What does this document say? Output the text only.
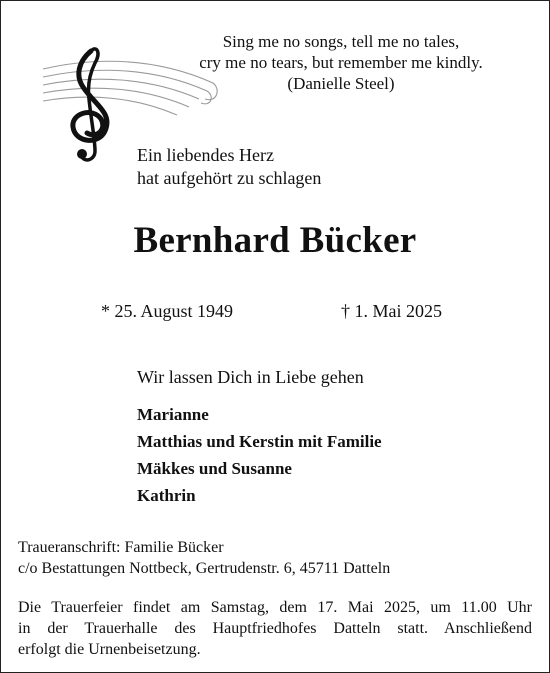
Sing me no songs, tell me no tales,
cry me no tears, but remember me kindly.
(Danielle Steel)
Ein liebendes Herz
hat aufgehört zu schlagen
Bernhard Bücker
* 25. August 1949	† 1. Mai 2025
Wir lassen Dich in Liebe gehen
Marianne
Matthias und Kerstin mit Familie
Mäkkes und Susanne
Kathrin
Traueranschrift: Familie Bücker
c/o Bestattungen Nottbeck, Gertrudenstr. 6, 45711 Datteln
Die Trauerfeier findet am Samstag, dem 17. Mai 2025, um 11.00 Uhr
in der Trauerhalle des Hauptfriedhofes Datteln statt. Anschließend
erfolgt die Urnenbeisetzung.
